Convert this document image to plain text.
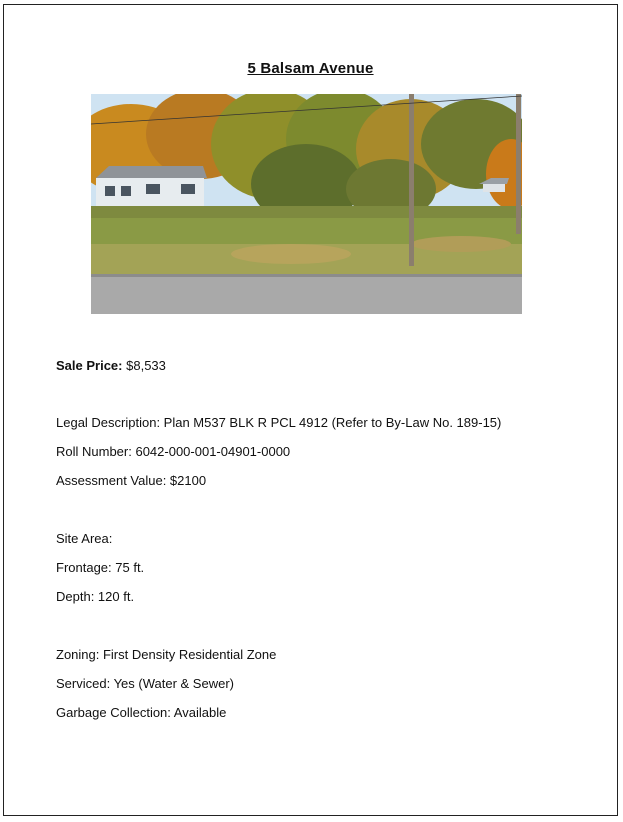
5 Balsam Avenue
Sale Price: $8,533
Legal Description: Plan M537 BLK R PCL 4912 (Refer to By-Law No. 189-15)
Roll Number: 6042-000-001-04901-0000
Assessment Value: $2100
Site Area:
Frontage: 75 ft.
Depth: 120 ft.
Zoning: First Density Residential Zone
Serviced: Yes (Water & Sewer)
Garbage Collection: Available
